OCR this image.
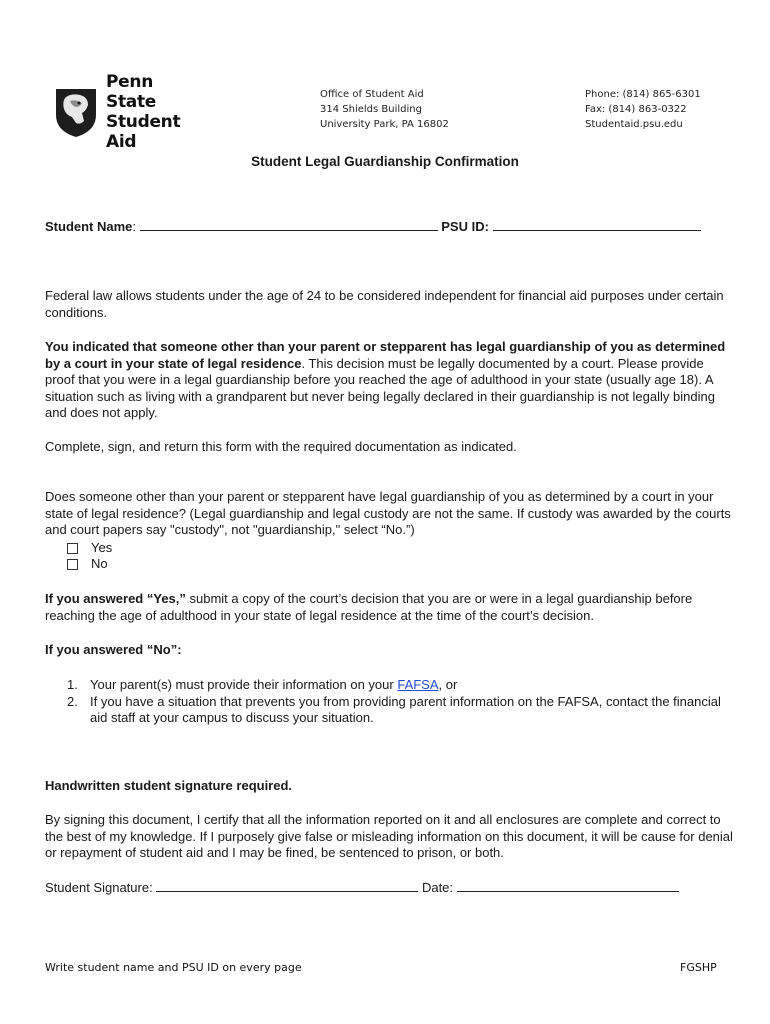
Penn State
Student Aid
Office of Student Aid
314 Shields Building
University Park, PA 16802
Phone: (814) 865-6301
Fax: (814) 863-0322
Studentaid.psu.edu
Student Legal Guardianship Confirmation
Student Name:	PSU ID:
Federal law allows students under the age of 24 to be considered independent for financial aid purposes under certain conditions.
You indicated that someone other than your parent or stepparent has legal guardianship of you as determined by a court in your state of legal residence. This decision must be legally documented by a court. Please provide proof that you were in a legal guardianship before you reached the age of adulthood in your state (usually age 18). A situation such as living with a grandparent but never being legally declared in their guardianship is not legally binding and does not apply.
Complete, sign, and return this form with the required documentation as indicated.
Does someone other than your parent or stepparent have legal guardianship of you as determined by a court in your state of legal residence? (Legal guardianship and legal custody are not the same. If custody was awarded by the courts and court papers say "custody", not "guardianship," select “No.”)
Yes
No
If you answered “Yes,” submit a copy of the court’s decision that you are or were in a legal guardianship before reaching the age of adulthood in your state of legal residence at the time of the court’s decision.
If you answered “No”:
1. Your parent(s) must provide their information on your FAFSA, or
2. If you have a situation that prevents you from providing parent information on the FAFSA, contact the financial aid staff at your campus to discuss your situation.
Handwritten student signature required.
By signing this document, I certify that all the information reported on it and all enclosures are complete and correct to the best of my knowledge. If I purposely give false or misleading information on this document, it will be cause for denial or repayment of student aid and I may be fined, be sentenced to prison, or both.
Student Signature:	Date:
Write student name and PSU ID on every page	FGSHP
